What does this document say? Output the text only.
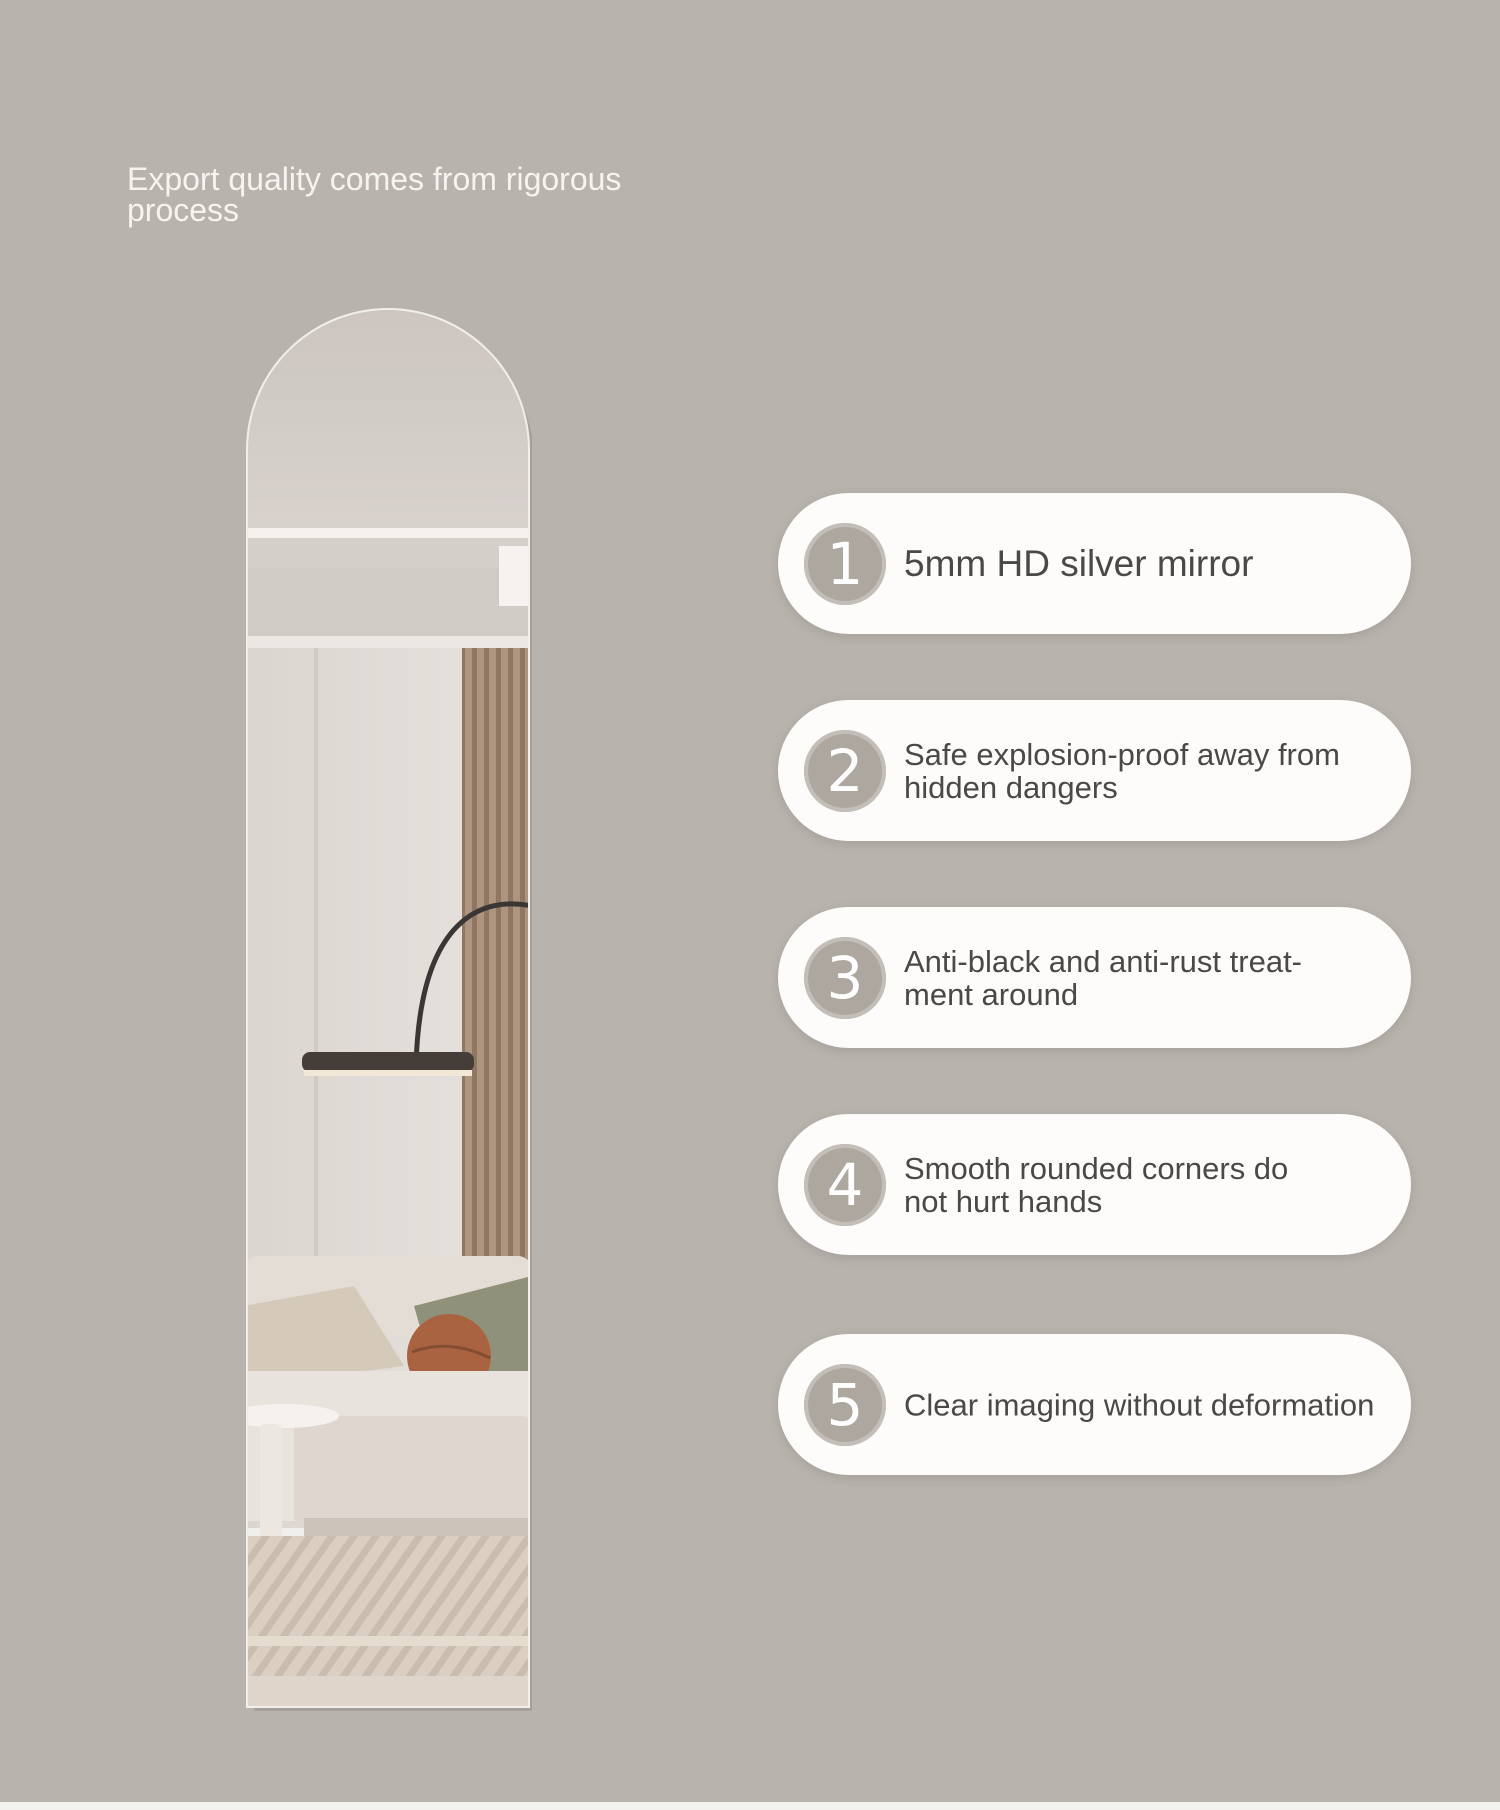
Export quality comes from rigorous process
1	5mm HD silver mirror
2	Safe explosion-proof away from hidden dangers
3	Anti-black and anti-rust treat-ment around
4	Smooth rounded corners do not hurt hands
5	Clear imaging without deformation
